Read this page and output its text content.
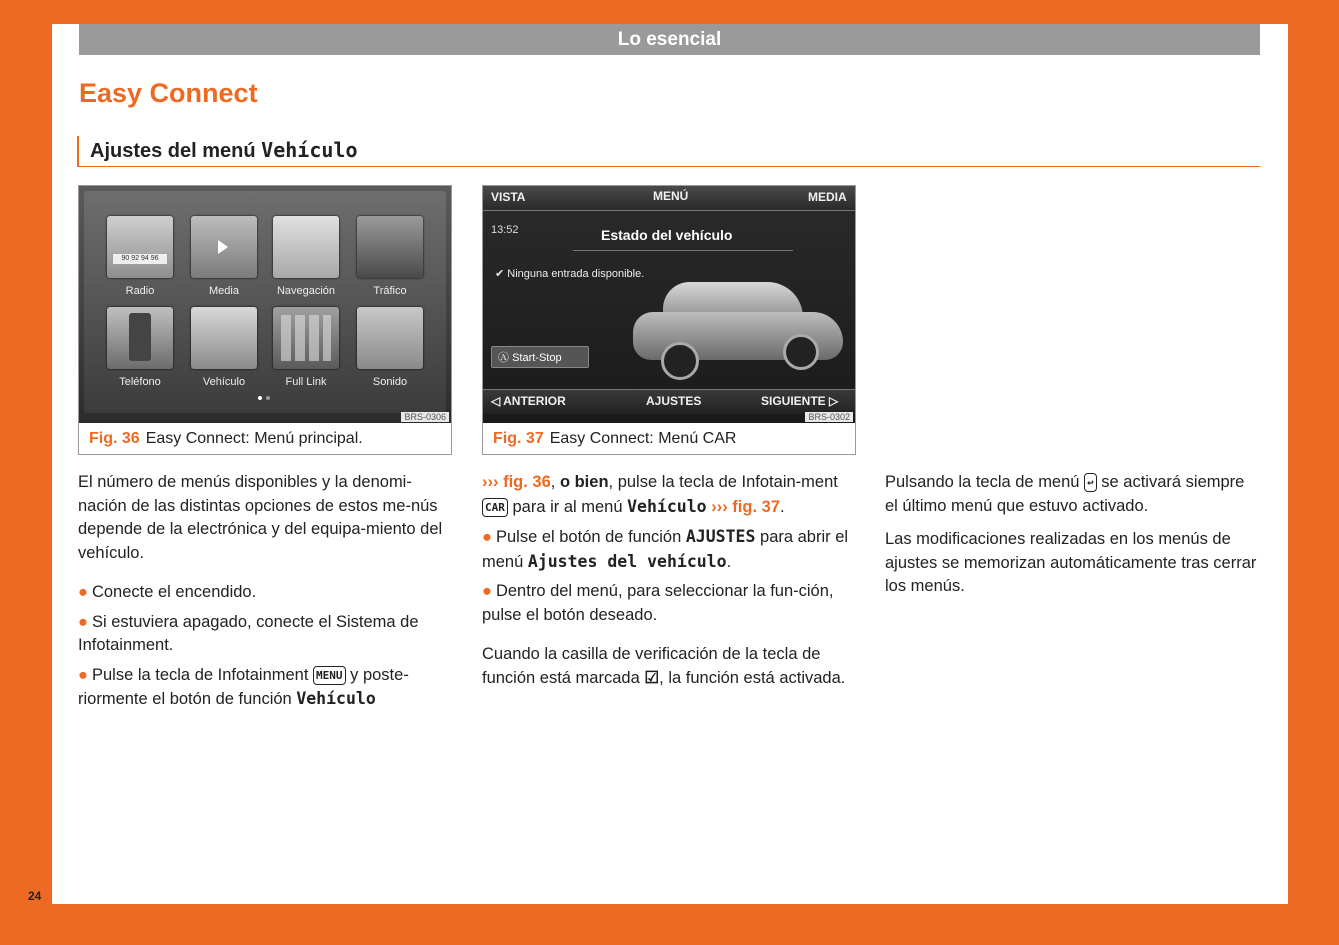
Lo esencial
Easy Connect
Ajustes del menú Vehículo
90 92 94 96
Radio	Media	Navegación	Tráfico
Teléfono	Vehículo	Full Link	Sonido
BRS-0306
Fig. 36 Easy Connect: Menú principal.
VISTA	MENÚ	MEDIA
13:52	Estado del vehículo
✔ Ninguna entrada disponible.
Ⓐ Start-Stop
◁ ANTERIOR	AJUSTES	SIGUIENTE ▷
BRS-0302
Fig. 37 Easy Connect: Menú CAR

El número de menús disponibles y la denomi-nación de las distintas opciones de estos me-nús depende de la electrónica y del equipa-miento del vehículo.

● Conecte el encendido.

● Si estuviera apagado, conecte el Sistema de Infotainment.

● Pulse la tecla de Infotainment MENU y poste-riormente el botón de función Vehículo

››› fig. 36, o bien, pulse la tecla de Infotain-ment CAR para ir al menú Vehículo ››› fig. 37.

● Pulse el botón de función AJUSTES para abrir el menú Ajustes del vehículo.

● Dentro del menú, para seleccionar la fun-ción, pulse el botón deseado.

Cuando la casilla de verificación de la tecla de función está marcada ☑, la función está activada.

Pulsando la tecla de menú ↩ se activará siempre el último menú que estuvo activado.

Las modificaciones realizadas en los menús de ajustes se memorizan automáticamente tras cerrar los menús.

24
